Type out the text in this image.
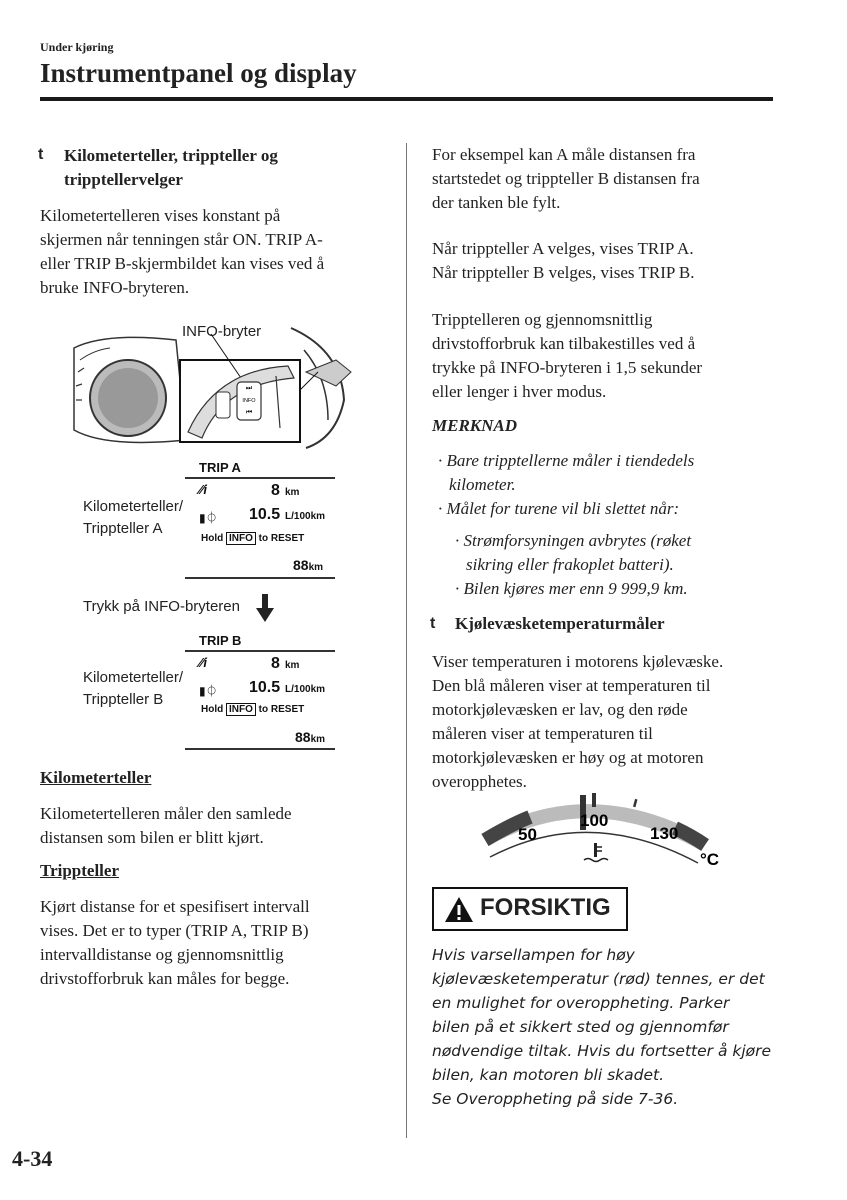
Under kjøring
Instrumentpanel og display
t Kilometerteller, trippteller og
tripptellervelger
Kilometertelleren vises konstant på
skjermen når tenningen står ON. TRIP A-
eller TRIP B-skjermbildet kan vises ved å
bruke INFO-bryteren.
INFO-bryter
⏭
INFO
⏮
Kilometerteller/
Trippteller A
TRIP A
⁄⁄i	8 km
▮⏀ 10.5 L/100km
Hold INFO to RESET
88km
Trykk på INFO-bryteren
Kilometerteller/
Trippteller B
TRIP B
⁄⁄i	8 km
▮⏀ 10.5 L/100km
Hold INFO to RESET
88km
Kilometerteller
Kilometertelleren måler den samlede
distansen som bilen er blitt kjørt.
Trippteller
Kjørt distanse for et spesifisert intervall
vises. Det er to typer (TRIP A, TRIP B)
intervalldistanse og gjennomsnittlig
drivstofforbruk kan måles for begge.
For eksempel kan A måle distansen fra
startstedet og trippteller B distansen fra
der tanken ble fylt.
Når trippteller A velges, vises TRIP A.
Når trippteller B velges, vises TRIP B.
Tripptelleren og gjennomsnittlig
drivstofforbruk kan tilbakestilles ved å
trykke på INFO-bryteren i 1,5 sekunder
eller lenger i hver modus.
MERKNAD
· Bare tripptellerne måler i tiendedels
kilometer.
· Målet for turene vil bli slettet når:
· Strømforsyningen avbrytes (røket
sikring eller frakoplet batteri).
· Bilen kjøres mer enn 9 999,9 km.
t Kjølevæsketemperaturmåler
Viser temperaturen i motorens kjølevæske.
Den blå måleren viser at temperaturen til
motorkjølevæsken er lav, og den røde
måleren viser at temperaturen til
motorkjølevæsken er høy og at motoren
overopphetes.
50
100
130
°C
FORSIKTIG
Hvis varsellampen for høy
kjølevæsketemperatur (rød) tennes, er det
en mulighet for overoppheting. Parker
bilen på et sikkert sted og gjennomfør
nødvendige tiltak. Hvis du fortsetter å kjøre
bilen, kan motoren bli skadet.
Se Overoppheting på side 7-36.
4-34
